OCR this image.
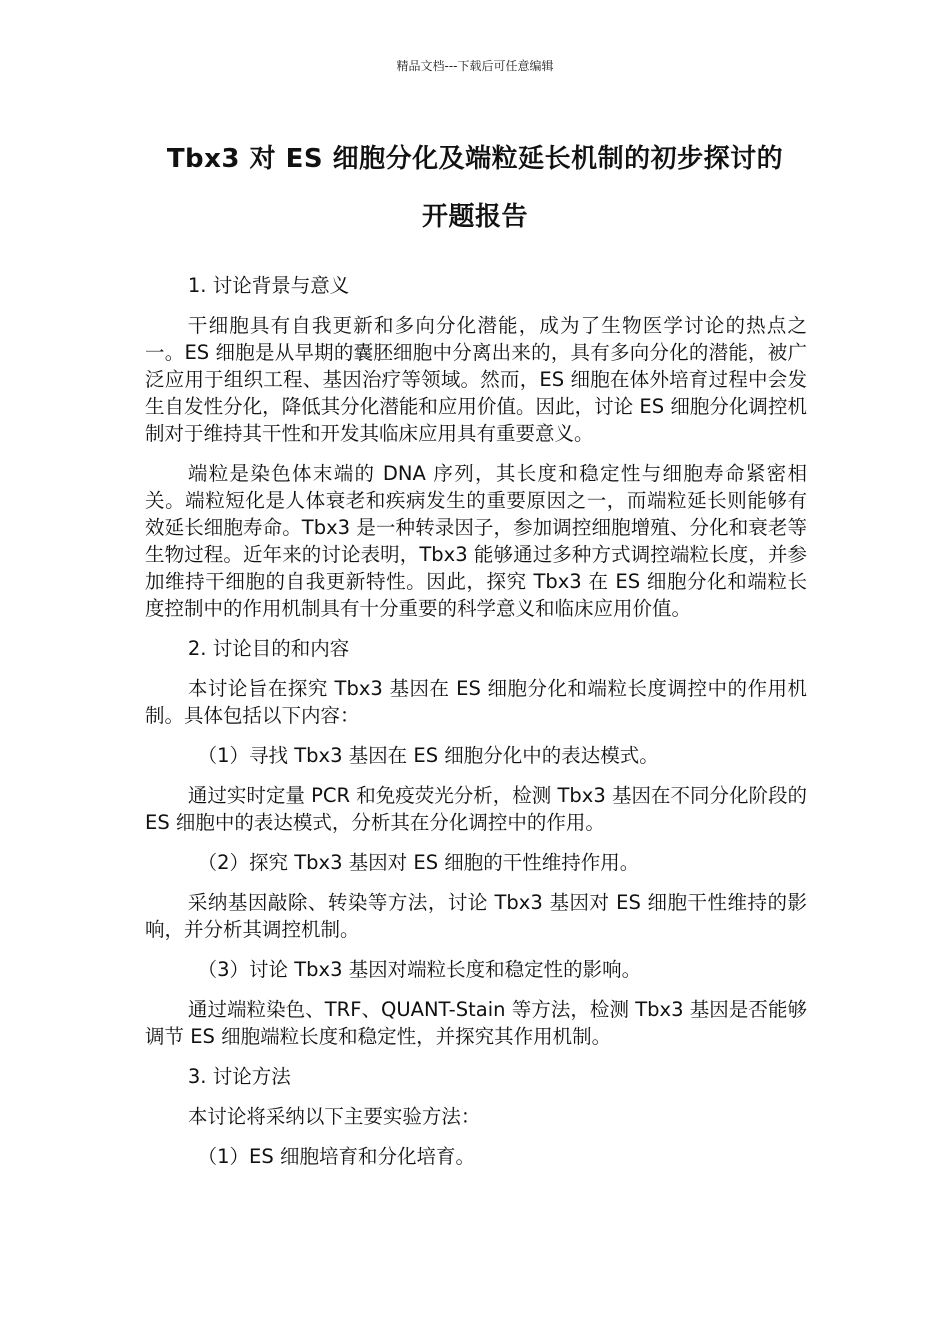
精品文档---下载后可任意编辑
Tbx3 对 ES 细胞分化及端粒延长机制的初步探讨的
开题报告

1. 讨论背景与意义

干细胞具有自我更新和多向分化潜能，成为了生物医学讨论的热点之一。ES 细胞是从早期的囊胚细胞中分离出来的，具有多向分化的潜能，被广泛应用于组织工程、基因治疗等领域。然而，ES 细胞在体外培育过程中会发生自发性分化，降低其分化潜能和应用价值。因此，讨论 ES 细胞分化调控机制对于维持其干性和开发其临床应用具有重要意义。

端粒是染色体末端的 DNA 序列，其长度和稳定性与细胞寿命紧密相关。端粒短化是人体衰老和疾病发生的重要原因之一，而端粒延长则能够有效延长细胞寿命。Tbx3 是一种转录因子，参加调控细胞增殖、分化和衰老等生物过程。近年来的讨论表明，Tbx3 能够通过多种方式调控端粒长度，并参加维持干细胞的自我更新特性。因此，探究 Tbx3 在 ES 细胞分化和端粒长度控制中的作用机制具有十分重要的科学意义和临床应用价值。

2. 讨论目的和内容

本讨论旨在探究 Tbx3 基因在 ES 细胞分化和端粒长度调控中的作用机制。具体包括以下内容：

（1）寻找 Tbx3 基因在 ES 细胞分化中的表达模式。

通过实时定量 PCR 和免疫荧光分析，检测 Tbx3 基因在不同分化阶段的 ES 细胞中的表达模式，分析其在分化调控中的作用。

（2）探究 Tbx3 基因对 ES 细胞的干性维持作用。

采纳基因敲除、转染等方法，讨论 Tbx3 基因对 ES 细胞干性维持的影响，并分析其调控机制。

（3）讨论 Tbx3 基因对端粒长度和稳定性的影响。

通过端粒染色、TRF、QUANT-Stain 等方法，检测 Tbx3 基因是否能够调节 ES 细胞端粒长度和稳定性，并探究其作用机制。

3. 讨论方法

本讨论将采纳以下主要实验方法：

（1）ES 细胞培育和分化培育。
